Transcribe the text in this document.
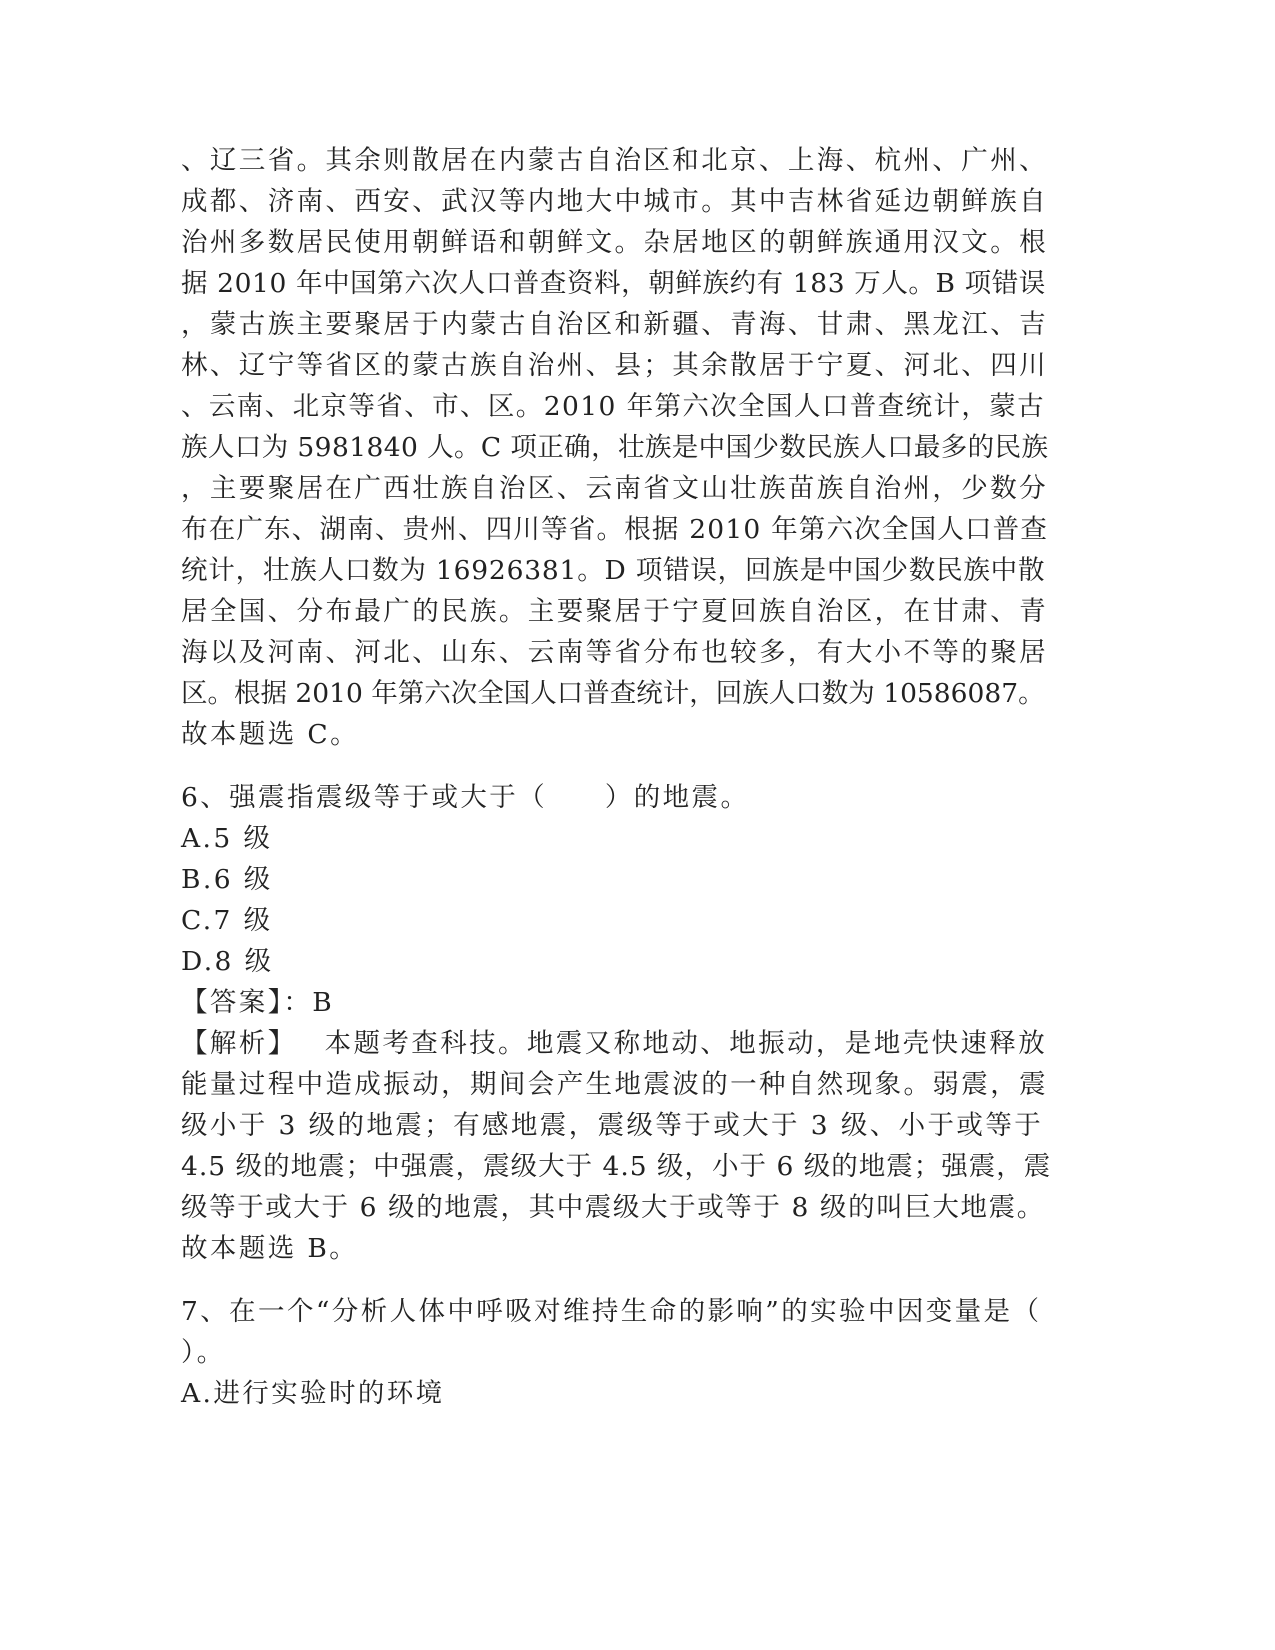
、辽三省。其余则散居在内蒙古自治区和北京、上海、杭州、广州、
成都、济南、西安、武汉等内地大中城市。其中吉林省延边朝鲜族自
治州多数居民使用朝鲜语和朝鲜文。杂居地区的朝鲜族通用汉文。根
据 2010 年中国第六次人口普查资料，朝鲜族约有 183 万人。B 项错误
，蒙古族主要聚居于内蒙古自治区和新疆、青海、甘肃、黑龙江、吉
林、辽宁等省区的蒙古族自治州、县；其余散居于宁夏、河北、四川
、云南、北京等省、市、区。2010 年第六次全国人口普查统计，蒙古
族人口为 5981840 人。C 项正确，壮族是中国少数民族人口最多的民族
，主要聚居在广西壮族自治区、云南省文山壮族苗族自治州，少数分
布在广东、湖南、贵州、四川等省。根据 2010 年第六次全国人口普查
统计，壮族人口数为 16926381。D 项错误，回族是中国少数民族中散
居全国、分布最广的民族。主要聚居于宁夏回族自治区，在甘肃、青
海以及河南、河北、山东、云南等省分布也较多，有大小不等的聚居
区。根据 2010 年第六次全国人口普查统计，回族人口数为 10586087。
故本题选 C。
6、强震指震级等于或大于（　　）的地震。
A.5 级
B.6 级
C.7 级
D.8 级
【答案】：B
【解析】 本题考查科技。地震又称地动、地振动，是地壳快速释放
能量过程中造成振动，期间会产生地震波的一种自然现象。弱震，震
级小于 3 级的地震；有感地震，震级等于或大于 3 级、小于或等于
4.5 级的地震；中强震，震级大于 4.5 级，小于 6 级的地震；强震，震
级等于或大于 6 级的地震，其中震级大于或等于 8 级的叫巨大地震。
故本题选 B。
7、在一个“分析人体中呼吸对维持生命的影响”的实验中因变量是（
）。
A.进行实验时的环境
